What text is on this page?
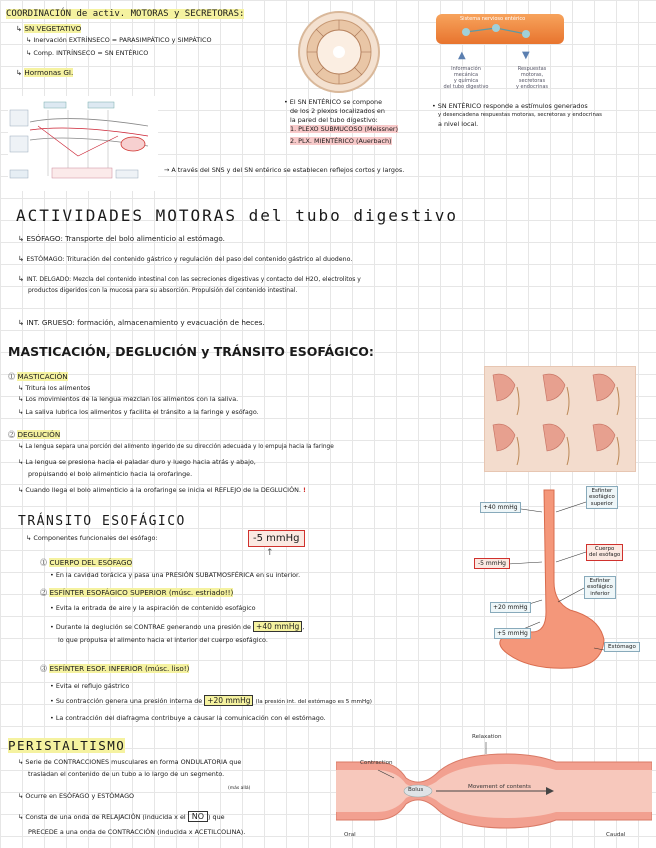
COORDINACIÓN de activ. MOTORAS y SECRETORAS:
↳ SN VEGETATIVO
↳ Inervación EXTRÍNSECO = PARASIMPÁTICO y SIMPÁTICO
↳ Comp. INTRÍNSECO = SN ENTÉRICO
↳ Hormonas GI.
Sistema nervioso entérico
▲	▼
Información
mecánica
y química
del tubo digestivo
Respuestas
motoras,
secretoras
y endocrinas
• El SN ENTÉRICO se compone
de los 2 plexos localizados en
la pared del tubo digestivo:
1. PLEXO SUBMUCOSO (Meissner)
2. PLX. MIENTÉRICO (Auerbach)
• SN ENTÉRICO responde a estímulos generados
y desencadena respuestas motoras, secretoras y endocrinas
a nivel local.
→ A través del SNS y del SN entérico se establecen reflejos cortos y largos.
ACTIVIDADES MOTORAS del tubo digestivo
↳ ESÓFAGO: Transporte del bolo alimenticio al estómago.
↳ ESTÓMAGO: Trituración del contenido gástrico y regulación del paso del contenido gástrico al duodeno.
↳ INT. DELGADO: Mezcla del contenido intestinal con las secreciones digestivas y contacto del H2O, electrolitos y
productos digeridos con la mucosa para su absorción. Propulsión del contenido intestinal.
↳ INT. GRUESO: formación, almacenamiento y evacuación de heces.
MASTICACIÓN, DEGLUCIÓN y TRÁNSITO ESOFÁGICO:
⓵ MASTICACIÓN
↳ Tritura los alimentos
↳ Los movimientos de la lengua mezclan los alimentos con la saliva.
↳ La saliva lubrica los alimentos y facilita el tránsito a la faringe y esófago.
⓶ DEGLUCIÓN
↳ La lengua separa una porción del alimento ingerido de su dirección adecuada y lo empuja hacia la faringe
↳ La lengua se presiona hacia el paladar duro y luego hacia atrás y abajo,
propulsando el bolo alimenticio hacia la orofaringe.
↳ Cuando llega el bolo alimenticio a la orofaringe se inicia el REFLEJO de la DEGLUCIÓN. !
TRÁNSITO ESOFÁGICO
↳ Componentes funcionales del esófago:	-5 mmHg
↑
⓵ CUERPO DEL ESÓFAGO
• En la cavidad torácica y pasa una PRESIÓN SUBATMOSFÉRICA en su interior.
⓶ ESFÍNTER ESOFÁGICO SUPERIOR (músc. estriado!!)
• Evita la entrada de aire y la aspiración de contenido esofágico
• Durante la deglución se CONTRAE generando una presión de +40 mmHg ,
lo que propulsa el alimento hacia el interior del cuerpo esofágico.
⓷ ESFÍNTER ESOF. INFERIOR (músc. liso!)
• Evita el reflujo gástrico
• Su contracción genera una presión interna de +20 mmHg (la presión int. del estómago es 5 mmHg)
• La contracción del diafragma contribuye a causar la comunicación con el estómago.
+40 mmHg
-5 mmHg
+20 mmHg
+5 mmHg
Esfínter
esofágico
superior
Cuerpo
del esófago
Esfínter
esofágico
inferior
Estómago
PERISTALTISMO
↳ Serie de CONTRACCIONES musculares en forma ONDULATORIA que
trasladan el contenido de un tubo a lo largo de un segmento.
↳ Ocurre en ESÓFAGO y ESTÓMAGO
(más allá)
↳ Consta de una onda de RELAJACIÓN (inducida x el NO ) que
PRECEDE a una onda de CONTRACCIÓN (inducida x ACETILCOLINA).
Relaxation
Contraction
Bolus	Movement of contents
Oral	Caudal
